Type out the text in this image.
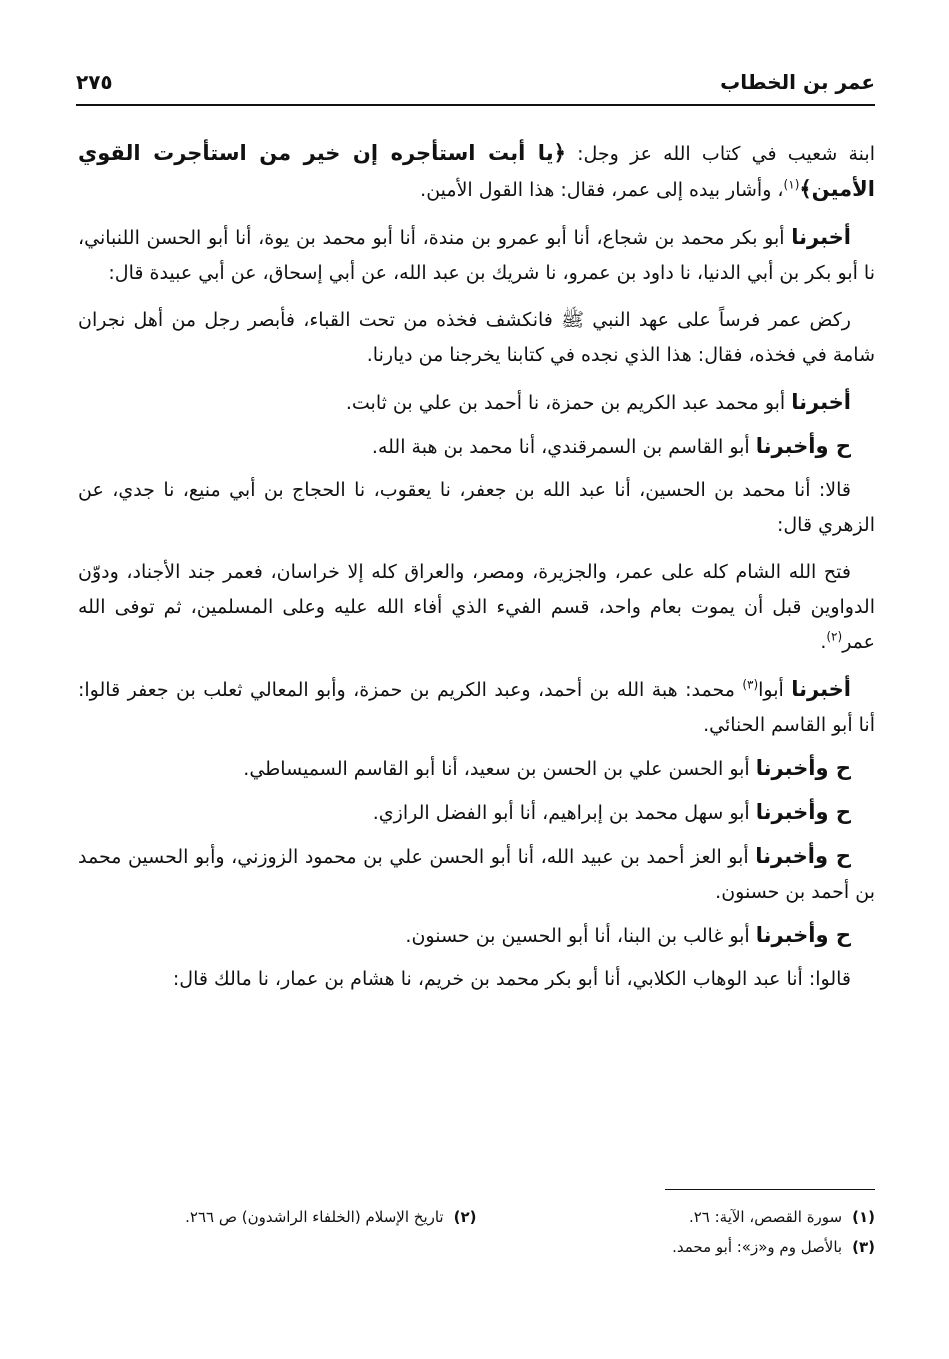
عمر بن الخطاب
٢٧٥

ابنة شعيب في كتاب الله عز وجل: ﴿يا أبت استأجره إن خير من استأجرت القوي الأمين﴾$^{(١)}$، وأشار بيده إلى عمر، فقال: هذا القول الأمين.

أخبرنا أبو بكر محمد بن شجاع، أنا أبو عمرو بن مندة، أنا أبو محمد بن يوة، أنا أبو الحسن اللنباني، نا أبو بكر بن أبي الدنيا، نا داود بن عمرو، نا شريك بن عبد الله، عن أبي إسحاق، عن أبي عبيدة قال:

ركض عمر فرساً على عهد النبي ﷺ فانكشف فخذه من تحت القباء، فأبصر رجل من أهل نجران شامة في فخذه، فقال: هذا الذي نجده في كتابنا يخرجنا من ديارنا.

أخبرنا أبو محمد عبد الكريم بن حمزة، نا أحمد بن علي بن ثابت.

ح وأخبرنا أبو القاسم بن السمرقندي، أنا محمد بن هبة الله.

قالا: أنا محمد بن الحسين، أنا عبد الله بن جعفر، نا يعقوب، نا الحجاج بن أبي منيع، نا جدي، عن الزهري قال:

فتح الله الشام كله على عمر، والجزيرة، ومصر، والعراق كله إلا خراسان، فعمر جند الأجناد، ودوّن الدواوين قبل أن يموت بعام واحد، قسم الفيء الذي أفاء الله عليه وعلى المسلمين، ثم توفى الله عمر$^{(٢)}$.

أخبرنا أبوا$^{(٣)}$ محمد: هبة الله بن أحمد، وعبد الكريم بن حمزة، وأبو المعالي ثعلب بن جعفر قالوا: أنا أبو القاسم الحنائي.

ح وأخبرنا أبو الحسن علي بن الحسن بن سعيد، أنا أبو القاسم السميساطي.

ح وأخبرنا أبو سهل محمد بن إبراهيم، أنا أبو الفضل الرازي.

ح وأخبرنا أبو العز أحمد بن عبيد الله، أنا أبو الحسن علي بن محمود الزوزني، وأبو الحسين محمد بن أحمد بن حسنون.

ح وأخبرنا أبو غالب بن البنا، أنا أبو الحسين بن حسنون.

قالوا: أنا عبد الوهاب الكلابي، أنا أبو بكر محمد بن خريم، نا هشام بن عمار، نا مالك قال:

(١)سورة القصص، الآية: ٢٦.
(٢)تاريخ الإسلام (الخلفاء الراشدون) ص ٢٦٦.
(٣)بالأصل وم و«ز»: أبو محمد.
